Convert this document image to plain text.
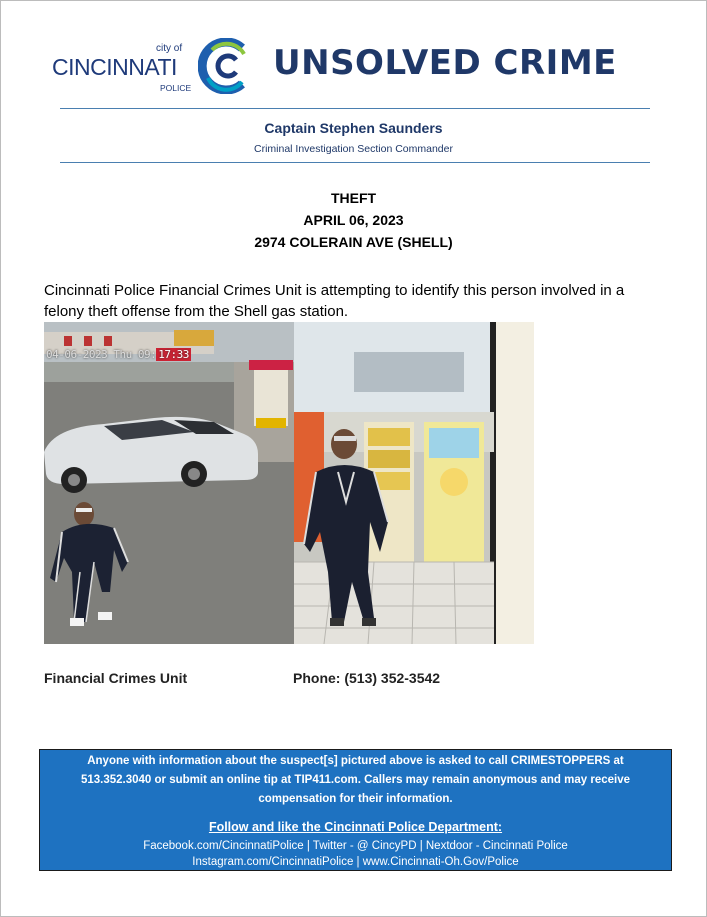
city of
CINCINNATI
POLICE
UNSOLVED CRIME
Captain Stephen Saunders
Criminal Investigation Section Commander
THEFT
APRIL 06, 2023
2974 COLERAIN AVE (SHELL)
Cincinnati Police Financial Crimes Unit is attempting to identify this person involved in a felony theft offense from the Shell gas station.
04-06-2023 Thu 09: 17:33
Financial Crimes Unit	Phone: (513) 352-3542
Anyone with information about the suspect[s] pictured above is asked to call CRIMESTOPPERS at 513.352.3040 or submit an online tip at TIP411.com. Callers may remain anonymous and may receive compensation for their information.
Follow and like the Cincinnati Police Department:
Facebook.com/CincinnatiPolice | Twitter - @ CincyPD | Nextdoor - Cincinnati Police
Instagram.com/CincinnatiPolice | www.Cincinnati-Oh.Gov/Police
